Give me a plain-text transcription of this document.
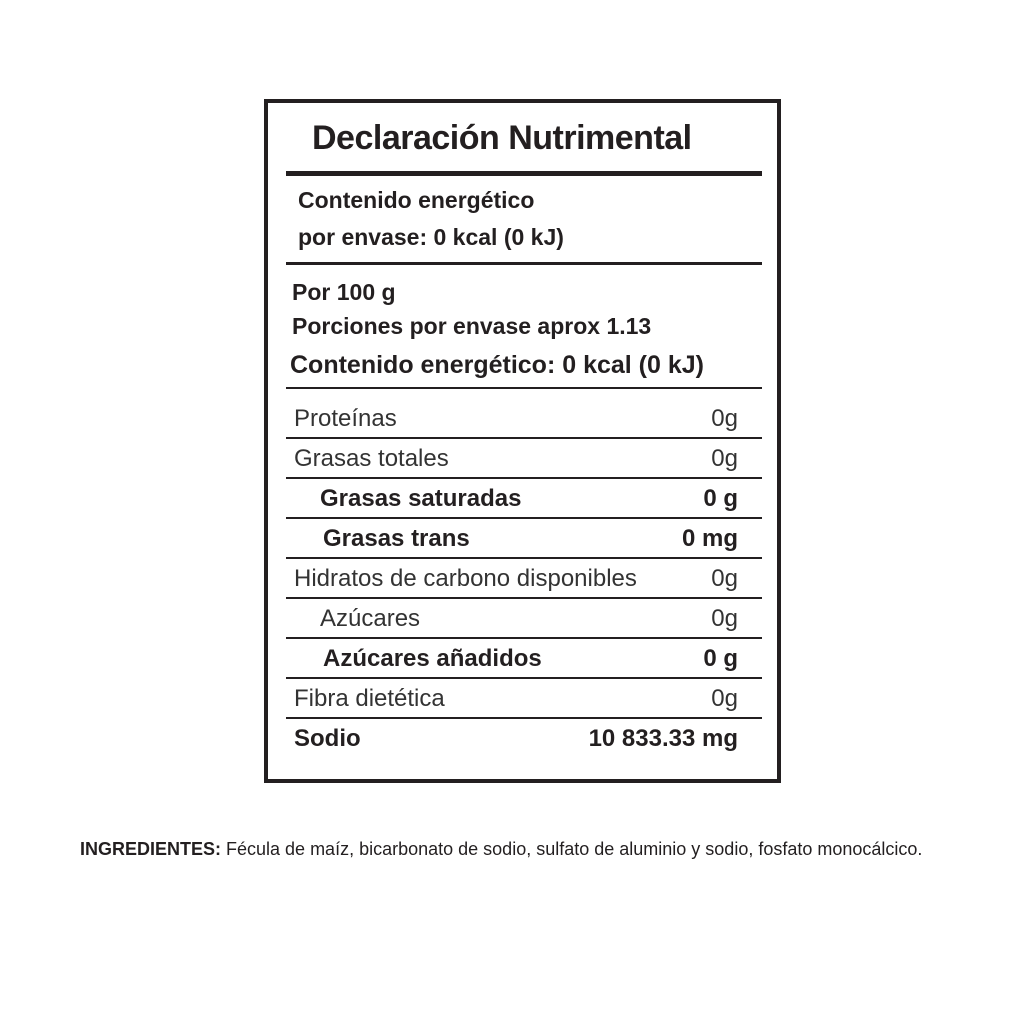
Declaración Nutrimental
Contenido energético
por envase: 0 kcal (0 kJ)
Por 100 g
Porciones por envase aprox 1.13
Contenido energético: 0 kcal (0 kJ)
Proteínas	0g
Grasas totales	0g
Grasas saturadas	0 g
Grasas trans	0 mg
Hidratos de carbono disponibles	0g
Azúcares	0g
Azúcares añadidos	0 g
Fibra dietética	0g
Sodio	10 833.33 mg
INGREDIENTES: Fécula de maíz, bicarbonato de sodio, sulfato de aluminio y sodio, fosfato monocálcico.
